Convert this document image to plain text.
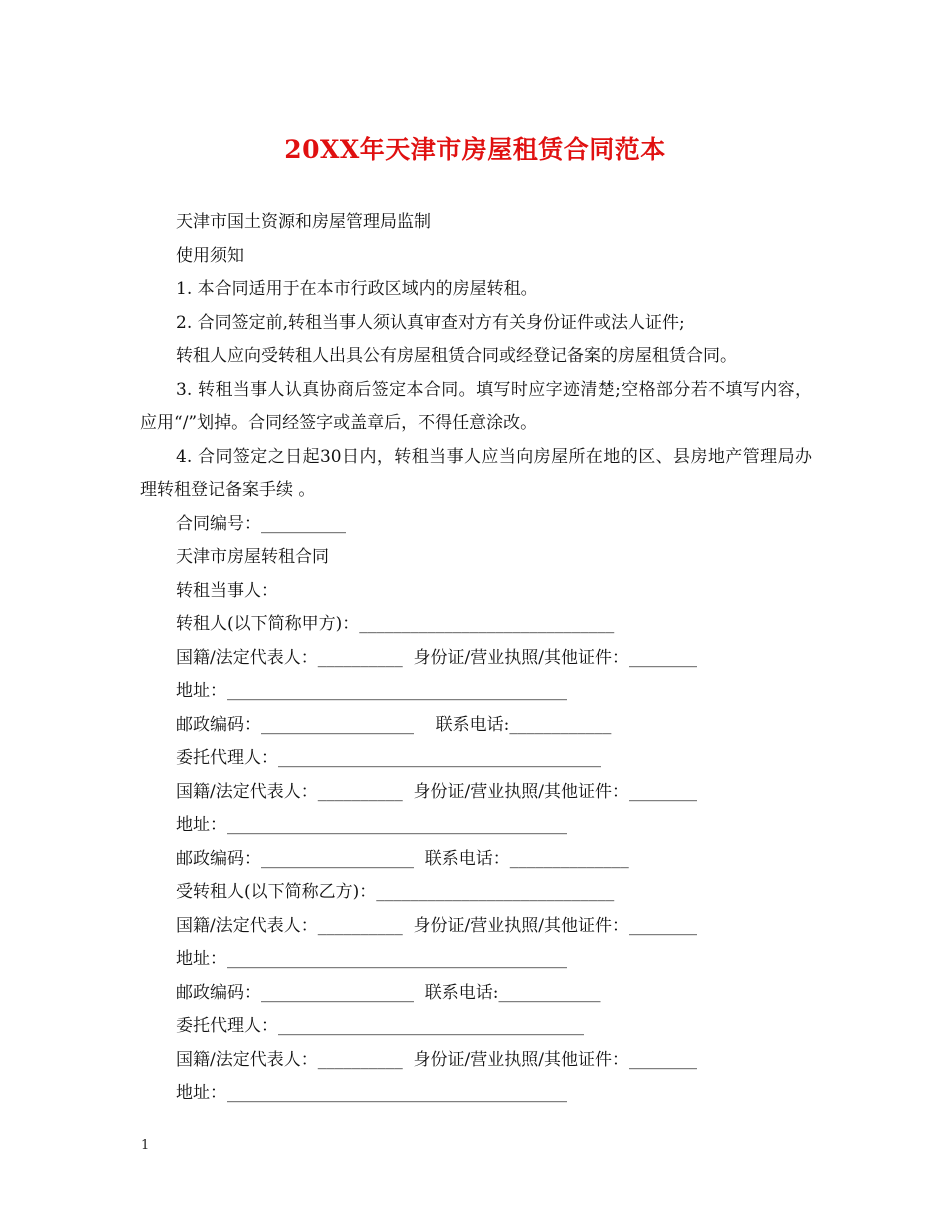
20XX年天津市房屋租赁合同范本

天津市国土资源和房屋管理局监制

使用须知

1. 本合同适用于在本市行政区域内的房屋转租。

2. 合同签定前,转租当事人须认真审查对方有关身份证件或法人证件;

转租人应向受转租人出具公有房屋租赁合同或经登记备案的房屋租赁合同。

3. 转租当事人认真协商后签定本合同。填写时应字迹清楚;空格部分若不填写内容，应用“/”划掉。合同经签字或盖章后，不得任意涂改。

4. 合同签定之日起30日内，转租当事人应当向房屋所在地的区、县房地产管理局办理转租登记备案手续 。

合同编号：__________

天津市房屋转租合同

转租当事人：

转租人(以下简称甲方)：______________________________

国籍/法定代表人：__________  身份证/营业执照/其他证件：________

地址：________________________________________

邮政编码：__________________    联系电话:____________

委托代理人：______________________________________

国籍/法定代表人：__________  身份证/营业执照/其他证件：________

地址：________________________________________

邮政编码：__________________  联系电话：______________

受转租人(以下简称乙方)：____________________________

国籍/法定代表人：__________  身份证/营业执照/其他证件：________

地址：________________________________________

邮政编码：__________________  联系电话:____________

委托代理人：____________________________________

国籍/法定代表人：__________  身份证/营业执照/其他证件：________

地址：________________________________________

1
